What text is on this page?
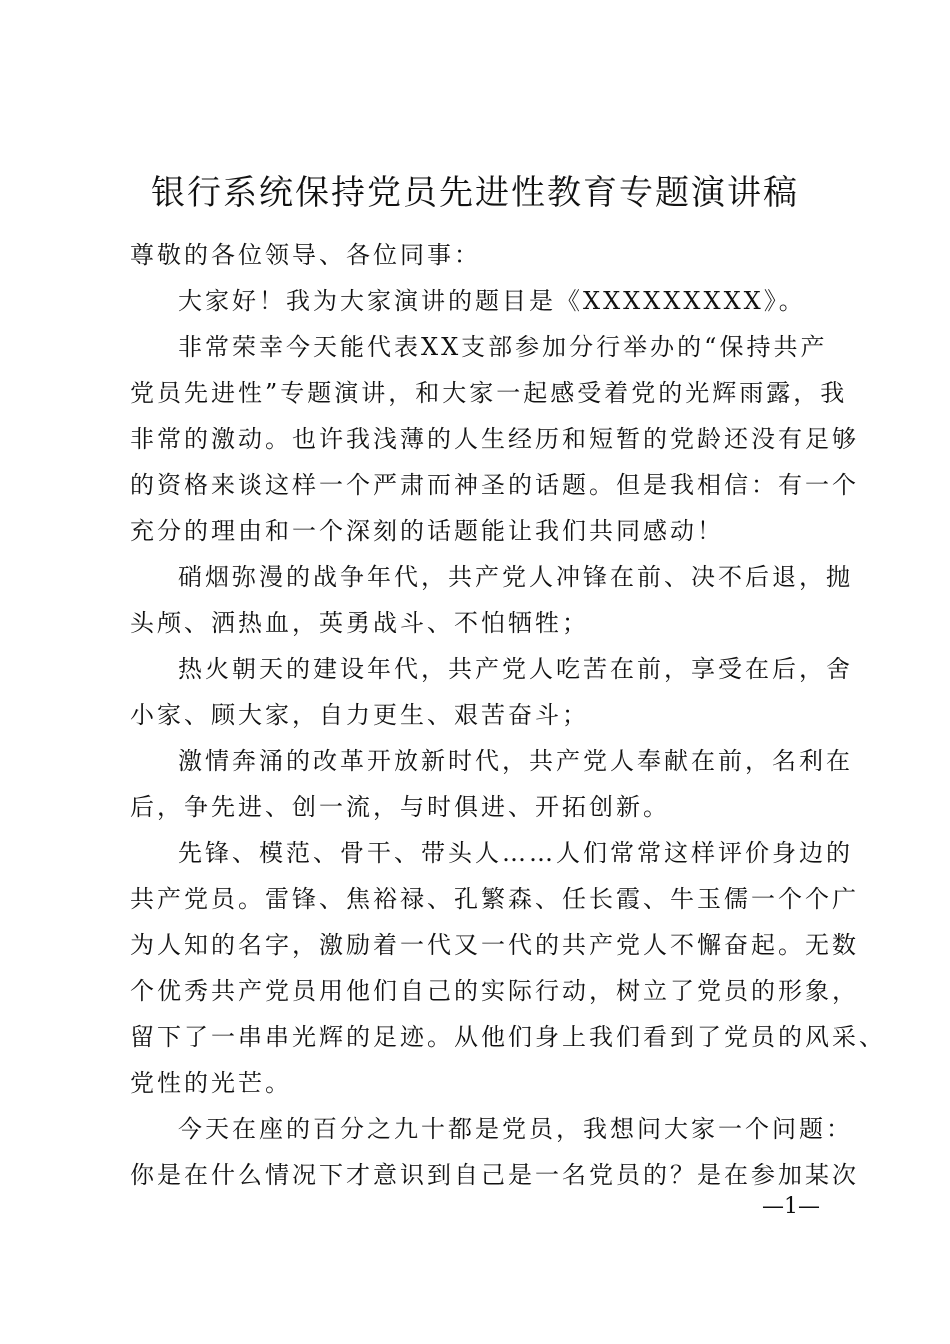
银行系统保持党员先进性教育专题演讲稿
尊敬的各位领导、各位同事：
大家好！我为大家演讲的题目是《XXXXXXXXX》。
非常荣幸今天能代表XX支部参加分行举办的“保持共产
党员先进性”专题演讲，和大家一起感受着党的光辉雨露，我
非常的激动。也许我浅薄的人生经历和短暂的党龄还没有足够
的资格来谈这样一个严肃而神圣的话题。但是我相信：有一个
充分的理由和一个深刻的话题能让我们共同感动！
硝烟弥漫的战争年代，共产党人冲锋在前、决不后退，抛
头颅、洒热血，英勇战斗、不怕牺牲；
热火朝天的建设年代，共产党人吃苦在前，享受在后，舍
小家、顾大家，自力更生、艰苦奋斗；
激情奔涌的改革开放新时代，共产党人奉献在前，名利在
后，争先进、创一流，与时俱进、开拓创新。
先锋、模范、骨干、带头人……人们常常这样评价身边的
共产党员。雷锋、焦裕禄、孔繁森、任长霞、牛玉儒一个个广
为人知的名字，激励着一代又一代的共产党人不懈奋起。无数
个优秀共产党员用他们自己的实际行动，树立了党员的形象，
留下了一串串光辉的足迹。从他们身上我们看到了党员的风采、
党性的光芒。
今天在座的百分之九十都是党员，我想问大家一个问题：
你是在什么情况下才意识到自己是一名党员的？是在参加某次
—1—
